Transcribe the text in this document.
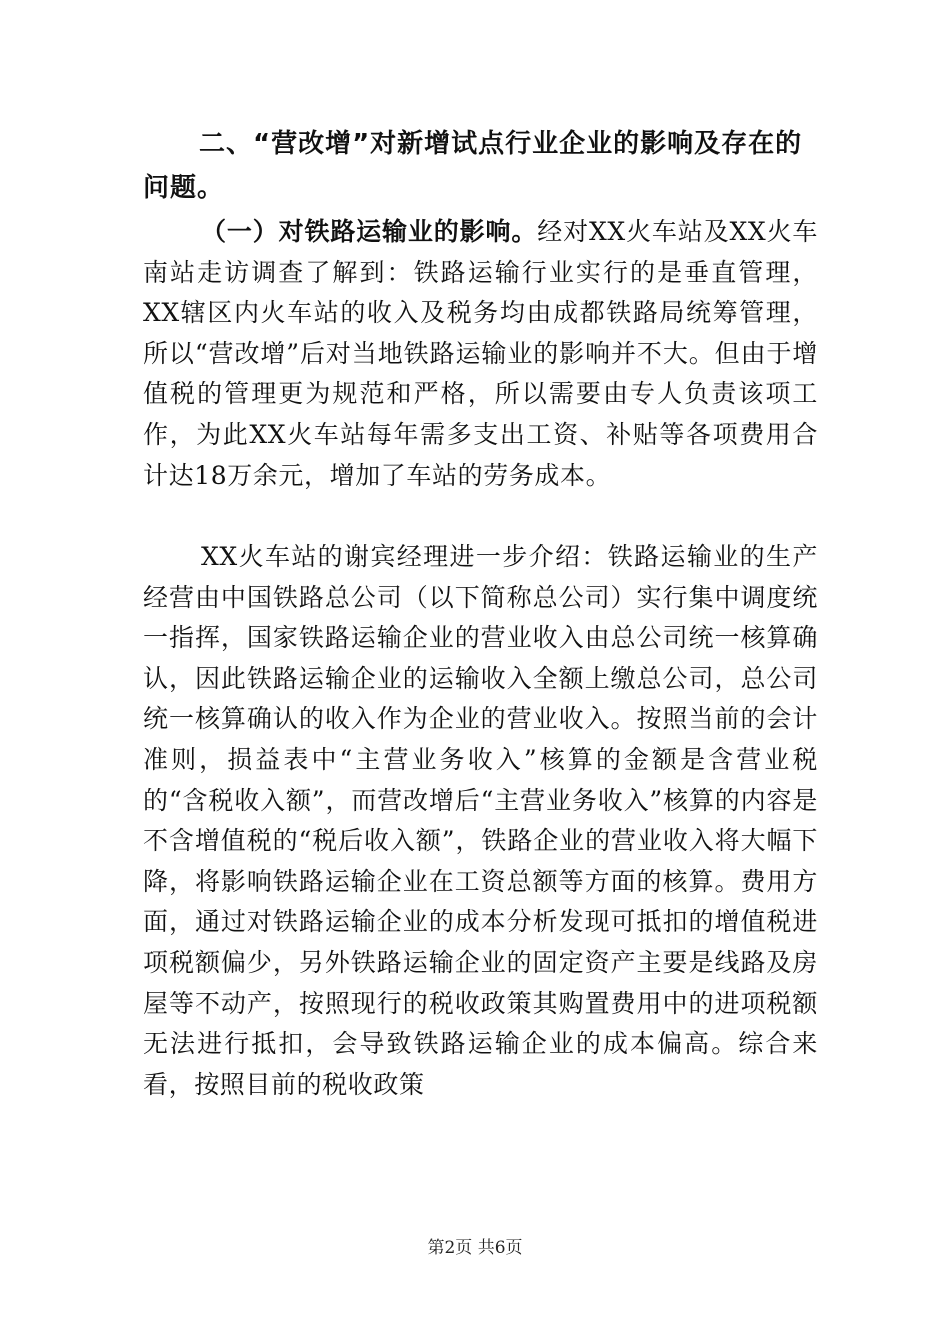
二、“营改增”对新增试点行业企业的影响及存在的问题。

（一）对铁路运输业的影响。经对XX火车站及XX火车南站走访调查了解到：铁路运输行业实行的是垂直管理，XX辖区内火车站的收入及税务均由成都铁路局统筹管理，所以“营改增”后对当地铁路运输业的影响并不大。但由于增值税的管理更为规范和严格，所以需要由专人负责该项工作，为此XX火车站每年需多支出工资、补贴等各项费用合计达18万余元，增加了车站的劳务成本。

XX火车站的谢宾经理进一步介绍：铁路运输业的生产经营由中国铁路总公司（以下简称总公司）实行集中调度统一指挥，国家铁路运输企业的营业收入由总公司统一核算确认，因此铁路运输企业的运输收入全额上缴总公司，总公司统一核算确认的收入作为企业的营业收入。按照当前的会计准则，损益表中“主营业务收入”核算的金额是含营业税的“含税收入额”，而营改增后“主营业务收入”核算的内容是不含增值税的“税后收入额”，铁路企业的营业收入将大幅下降，将影响铁路运输企业在工资总额等方面的核算。费用方面，通过对铁路运输企业的成本分析发现可抵扣的增值税进项税额偏少，另外铁路运输企业的固定资产主要是线路及房屋等不动产，按照现行的税收政策其购置费用中的进项税额无法进行抵扣，会导致铁路运输企业的成本偏高。综合来看，按照目前的税收政策

第2页 共6页
